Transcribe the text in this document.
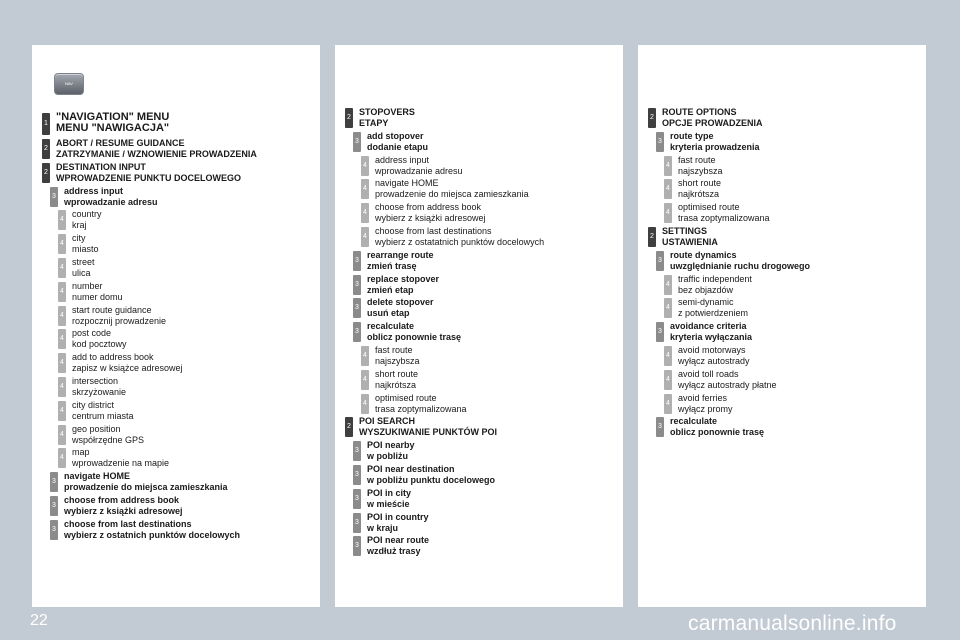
NAV
1
"NAVIGATION" MENU
MENU "NAWIGACJA"
2
ABORT / RESUME GUIDANCE
ZATRZYMANIE / WZNOWIENIE PROWADZENIA
2
DESTINATION INPUT
WPROWADZENIE PUNKTU DOCELOWEGO
3
address input
wprowadzanie adresu
4
country
kraj
4
city
miasto
4
street
ulica
4
number
numer domu
4
start route guidance
rozpocznij prowadzenie
4
post code
kod pocztowy
4
add to address book
zapisz w książce adresowej
4
intersection
skrzyżowanie
4
city district
centrum miasta
4
geo position
współrzędne GPS
4
map
wprowadzenie na mapie
3
navigate HOME
prowadzenie do miejsca zamieszkania
3
choose from address book
wybierz z książki adresowej
3
choose from last destinations
wybierz z ostatnich punktów docelowych
2
STOPOVERS
ETAPY
3
add stopover
dodanie etapu
4
address input
wprowadzanie adresu
4
navigate HOME
prowadzenie do miejsca zamieszkania
4
choose from address book
wybierz z książki adresowej
4
choose from last destinations
wybierz z ostatatnich punktów docelowych
3
rearrange route
zmień trasę
3
replace stopover
zmień etap
3
delete stopover
usuń etap
3
recalculate
oblicz ponownie trasę
4
fast route
najszybsza
4
short route
najkrótsza
4
optimised route
trasa zoptymalizowana
2
POI SEARCH
WYSZUKIWANIE PUNKTÓW POI
3
POI nearby
w pobliżu
3
POI near destination
w pobliżu punktu docelowego
3
POI in city
w mieście
3
POI in country
w kraju
3
POI near route
wzdłuż trasy
2
ROUTE OPTIONS
OPCJE PROWADZENIA
3
route type
kryteria prowadzenia
4
fast route
najszybsza
4
short route
najkrótsza
4
optimised route
trasa zoptymalizowana
2
SETTINGS
USTAWIENIA
3
route dynamics
uwzględnianie ruchu drogowego
4
traffic independent
bez objazdów
4
semi-dynamic
z potwierdzeniem
3
avoidance criteria
kryteria wyłączania
4
avoid motorways
wyłącz autostrady
4
avoid toll roads
wyłącz autostrady płatne
4
avoid ferries
wyłącz promy
3
recalculate
oblicz ponownie trasę
22	carmanualsonline.info
